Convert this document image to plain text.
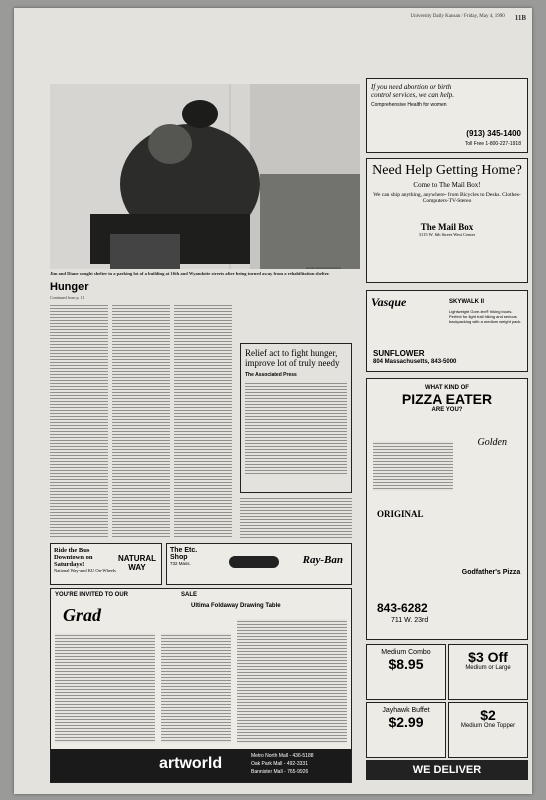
University Daily Kansan / Friday, May 4, 1990 11B
Daniel Rudnicki/Kansan
Jim and Diane sought shelter in a parking lot of a building at 16th and Wyandotte streets after being turned away from a rehabilitation shelter.
Hunger
Continued from p. 11
Relief act to fight hunger, improve lot of truly needy
The Associated Press
If you need abortion or birth
control services, we can help.
Comprehensive Health for women
(913) 345-1400
Toll Free 1-800-227-1918
Need Help Getting Home?
Come to The Mail Box!
We can ship anything, anywhere- from Bicycles to Desks. Clothes-Computers-TV-Stereo
The Mail Box
3115 W. 6th Street West Center
Vasque	SKYWALK II
Lightweight Gore-tex® hiking boots. Perfect for light trail hiking and serious backpacking with a medium weight pack.
SUNFLOWER
804 Massachusetts, 843-5000
WHAT KIND OF
PIZZA EATER
ARE YOU?
Golden
ORIGINAL
Godfather's Pizza
843-6282
711 W. 23rd
Medium Combo
$8.95	$3 Off
Medium or Large
Jayhawk Buffet
$2.99	$2
Medium One Topper
WE DELIVER
Ride the Bus Downtown on Saturdays!
National Way-and KU On-Wheels
NATURAL WAY
The Etc. Shop
732 Mass.	Ray-Ban
YOU'RE INVITED TO OUR
Grad
SALE
Ultima Foldaway Drawing Table
artworld	Metro North Mall - 436-5188
Oak Park Mall - 492-3331
Bannister Mall - 765-9926
